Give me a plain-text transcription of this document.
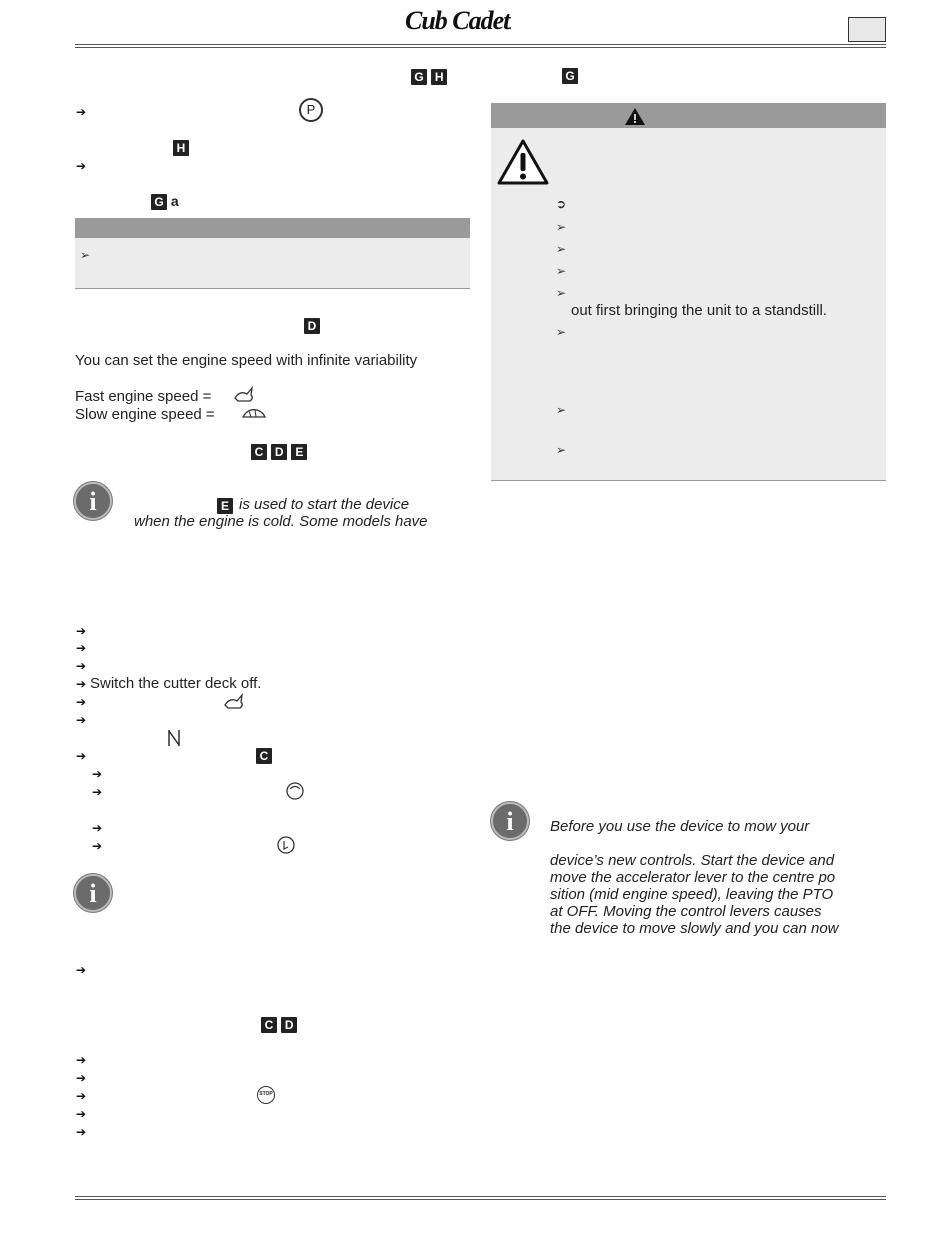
Cub Cadet.
G H
➔	P
H
➔
G a
➢
D
You can set the engine speed with infinite variability
Fast engine speed =
Slow engine speed =
C D E
i	E is used to start the device
when the engine is cold. Some models have
➔
➔
➔
➔ Switch the cutter deck off.
➔
➔
➔	C
➔
➔
➔
➔
i
➔
C D
➔
➔
➔	STOP
➔
➔
G
➲
➢
➢
➢
➢
out first bringing the unit to a standstill.
➢
➢
➢
i	Before you use the device to mow your
device’s new controls. Start the device and
move the accelerator lever to the centre po
sition (mid engine speed), leaving the PTO
at OFF. Moving the control levers causes
the device to move slowly and you can now
